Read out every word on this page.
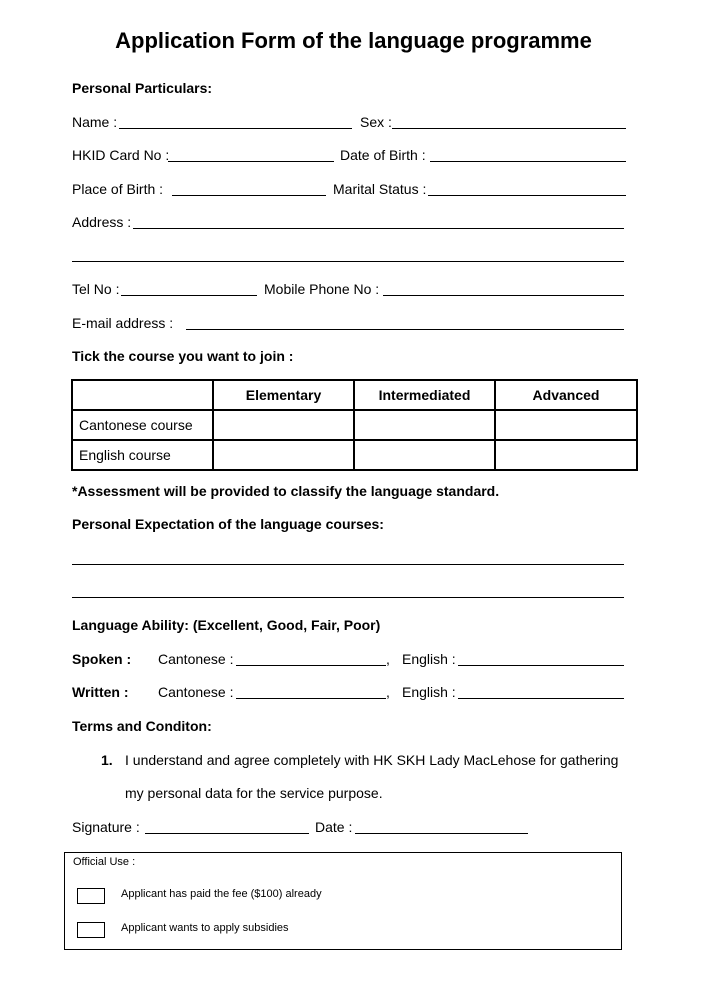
Application Form of the language programme
Personal Particulars:
Name :	Sex :
HKID Card No :	Date of Birth :
Place of Birth :	Marital Status :
Address :
Tel No :	Mobile Phone No :
E-mail address :
Tick the course you want to join :
	Elementary	Intermediated	Advanced
Cantonese course			
English course			
*Assessment will be provided to classify the language standard.
Personal Expectation of the language courses:
Language Ability: (Excellent, Good, Fair, Poor)
Spoken : Cantonese :	, English :
Written : Cantonese :	, English :
Terms and Conditon:
1. I understand and agree completely with HK SKH Lady MacLehose for gathering
my personal data for the service purpose.
Signature :	Date :
Official Use :
Applicant has paid the fee ($100) already
Applicant wants to apply subsidies
